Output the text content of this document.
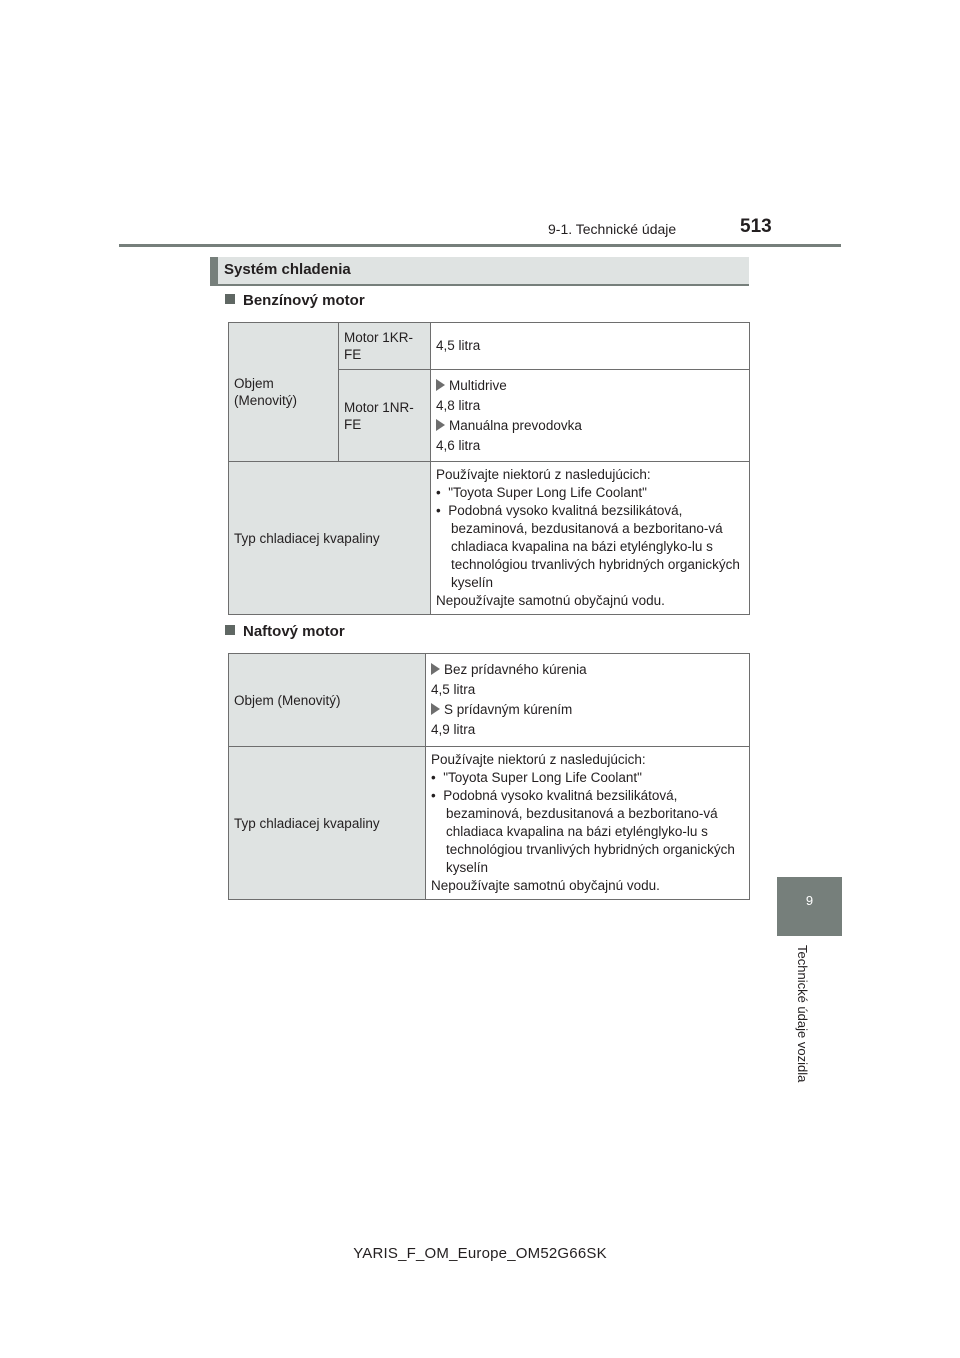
9-1. Technické údaje	513
9
Technické údaje vozidla
Systém chladenia
Benzínový motor
Objem (Menovitý)	Motor 1KR-FE	4,5 litra
	Motor 1NR-FE	Multidrive
4,8 litra
Manuálna prevodovka
4,6 litra

Typ chladiacej kvapaliny		Používajte niektorú z nasledujúcich:
•  "Toyota Super Long Life Coolant"
•  Podobná vysoko kvalitná bezsilikátová, bezaminová, bezdusitanová a bezboritano-vá chladiaca kvapalina na bázi etylénglyko-lu s technológiou trvanlivých hybridných organických kyselín
Nepoužívajte samotnú obyčajnú vodu.
Naftový motor
Objem (Menovitý)	Bez prídavného kúrenia
4,5 litra
S prídavným kúrením
4,9 litra

Typ chladiacej kvapaliny	Používajte niektorú z nasledujúcich:
•  "Toyota Super Long Life Coolant"
•  Podobná vysoko kvalitná bezsilikátová, bezaminová, bezdusitanová a bezboritano-vá chladiaca kvapalina na bázi etylénglyko-lu s technológiou trvanlivých hybridných organických kyselín
Nepoužívajte samotnú obyčajnú vodu.
YARIS_F_OM_Europe_OM52G66SK
